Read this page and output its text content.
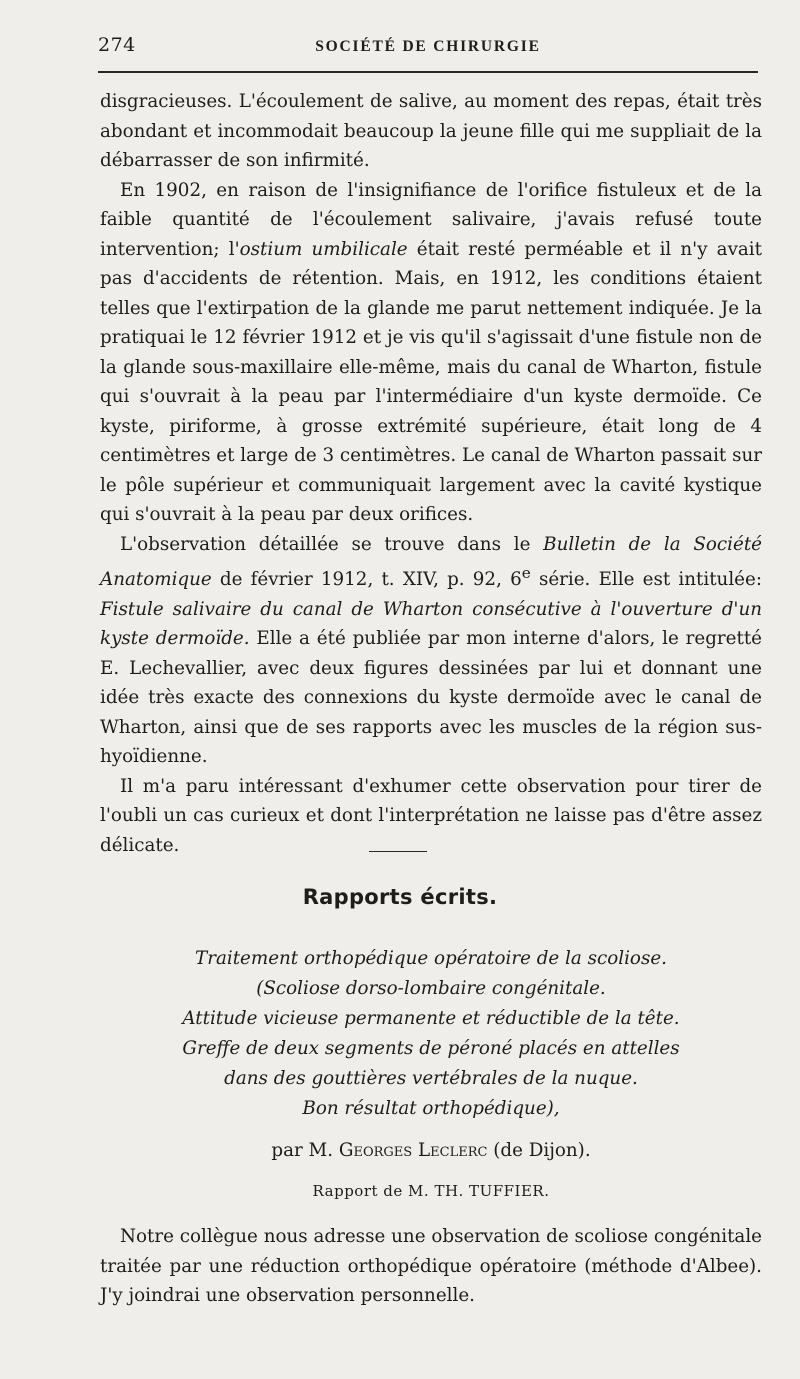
274	SOCIÉTÉ DE CHIRURGIE

disgracieuses. L'écoulement de salive, au moment des repas, était très abondant et incommodait beaucoup la jeune fille qui me suppliait de la débarrasser de son infirmité.

En 1902, en raison de l'insignifiance de l'orifice fistuleux et de la faible quantité de l'écoulement salivaire, j'avais refusé toute intervention; l'ostium umbilicale était resté perméable et il n'y avait pas d'accidents de rétention. Mais, en 1912, les conditions étaient telles que l'extirpation de la glande me parut nettement indiquée. Je la pratiquai le 12 février 1912 et je vis qu'il s'agissait d'une fistule non de la glande sous-maxillaire elle-même, mais du canal de Wharton, fistule qui s'ouvrait à la peau par l'intermédiaire d'un kyste dermoïde. Ce kyste, piriforme, à grosse extrémité supérieure, était long de 4 centimètres et large de 3 centimètres. Le canal de Wharton passait sur le pôle supérieur et communiquait largement avec la cavité kystique qui s'ouvrait à la peau par deux orifices.

L'observation détaillée se trouve dans le Bulletin de la Société Anatomique de février 1912, t. XIV, p. 92, 6e série. Elle est intitulée: Fistule salivaire du canal de Wharton consécutive à l'ouverture d'un kyste dermoïde. Elle a été publiée par mon interne d'alors, le regretté E. Lechevallier, avec deux figures dessinées par lui et donnant une idée très exacte des connexions du kyste dermoïde avec le canal de Wharton, ainsi que de ses rapports avec les muscles de la région sus-hyoïdienne.

Il m'a paru intéressant d'exhumer cette observation pour tirer de l'oubli un cas curieux et dont l'interprétation ne laisse pas d'être assez délicate.

Rapports écrits.
Traitement orthopédique opératoire de la scoliose.
(Scoliose dorso-lombaire congénitale.
Attitude vicieuse permanente et réductible de la tête.
Greffe de deux segments de péroné placés en attelles
dans des gouttières vertébrales de la nuque.
Bon résultat orthopédique),
par M. Georges Leclerc (de Dijon).
Rapport de M. TH. TUFFIER.

Notre collègue nous adresse une observation de scoliose congénitale traitée par une réduction orthopédique opératoire (méthode d'Albee). J'y joindrai une observation personnelle.
